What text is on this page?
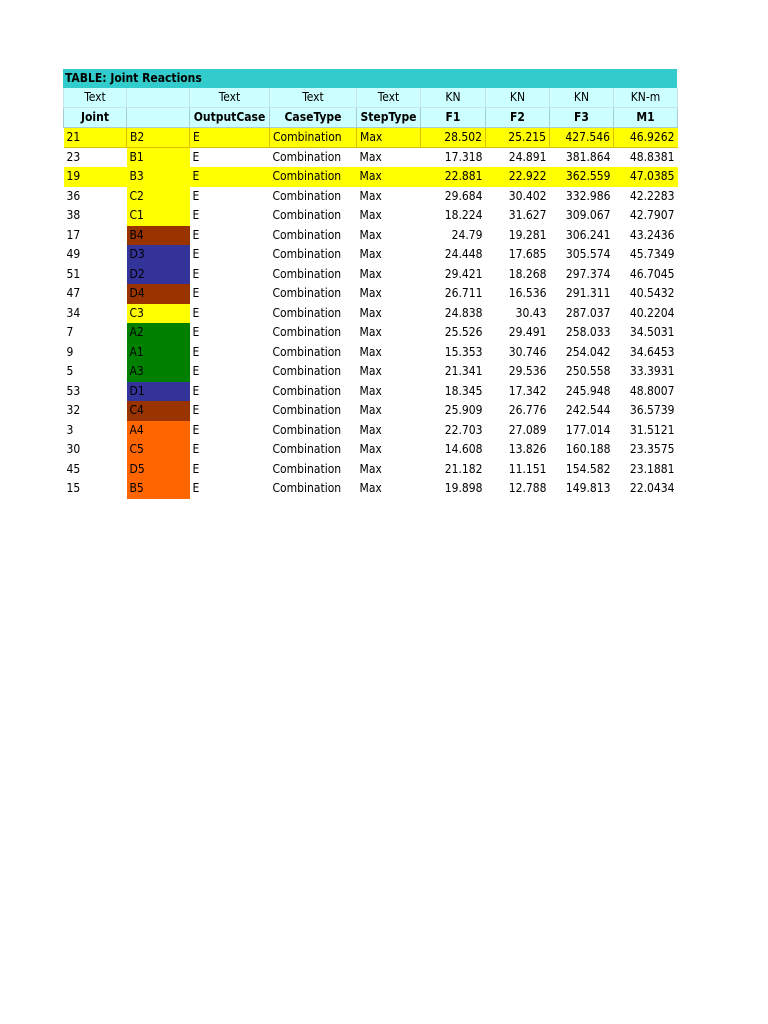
TABLE: Joint Reactions
Text		Text	Text	Text	KN	KN	KN	KN-m
Joint		OutputCase	CaseType	StepType	F1	F2	F3	M1
21	B2	E	Combination	Max	28.502	25.215	427.546	46.9262
23	B1	E	Combination	Max	17.318	24.891	381.864	48.8381
19	B3	E	Combination	Max	22.881	22.922	362.559	47.0385
36	C2	E	Combination	Max	29.684	30.402	332.986	42.2283
38	C1	E	Combination	Max	18.224	31.627	309.067	42.7907
17	B4	E	Combination	Max	24.79	19.281	306.241	43.2436
49	D3	E	Combination	Max	24.448	17.685	305.574	45.7349
51	D2	E	Combination	Max	29.421	18.268	297.374	46.7045
47	D4	E	Combination	Max	26.711	16.536	291.311	40.5432
34	C3	E	Combination	Max	24.838	30.43	287.037	40.2204
7	A2	E	Combination	Max	25.526	29.491	258.033	34.5031
9	A1	E	Combination	Max	15.353	30.746	254.042	34.6453
5	A3	E	Combination	Max	21.341	29.536	250.558	33.3931
53	D1	E	Combination	Max	18.345	17.342	245.948	48.8007
32	C4	E	Combination	Max	25.909	26.776	242.544	36.5739
3	A4	E	Combination	Max	22.703	27.089	177.014	31.5121
30	C5	E	Combination	Max	14.608	13.826	160.188	23.3575
45	D5	E	Combination	Max	21.182	11.151	154.582	23.1881
15	B5	E	Combination	Max	19.898	12.788	149.813	22.0434
